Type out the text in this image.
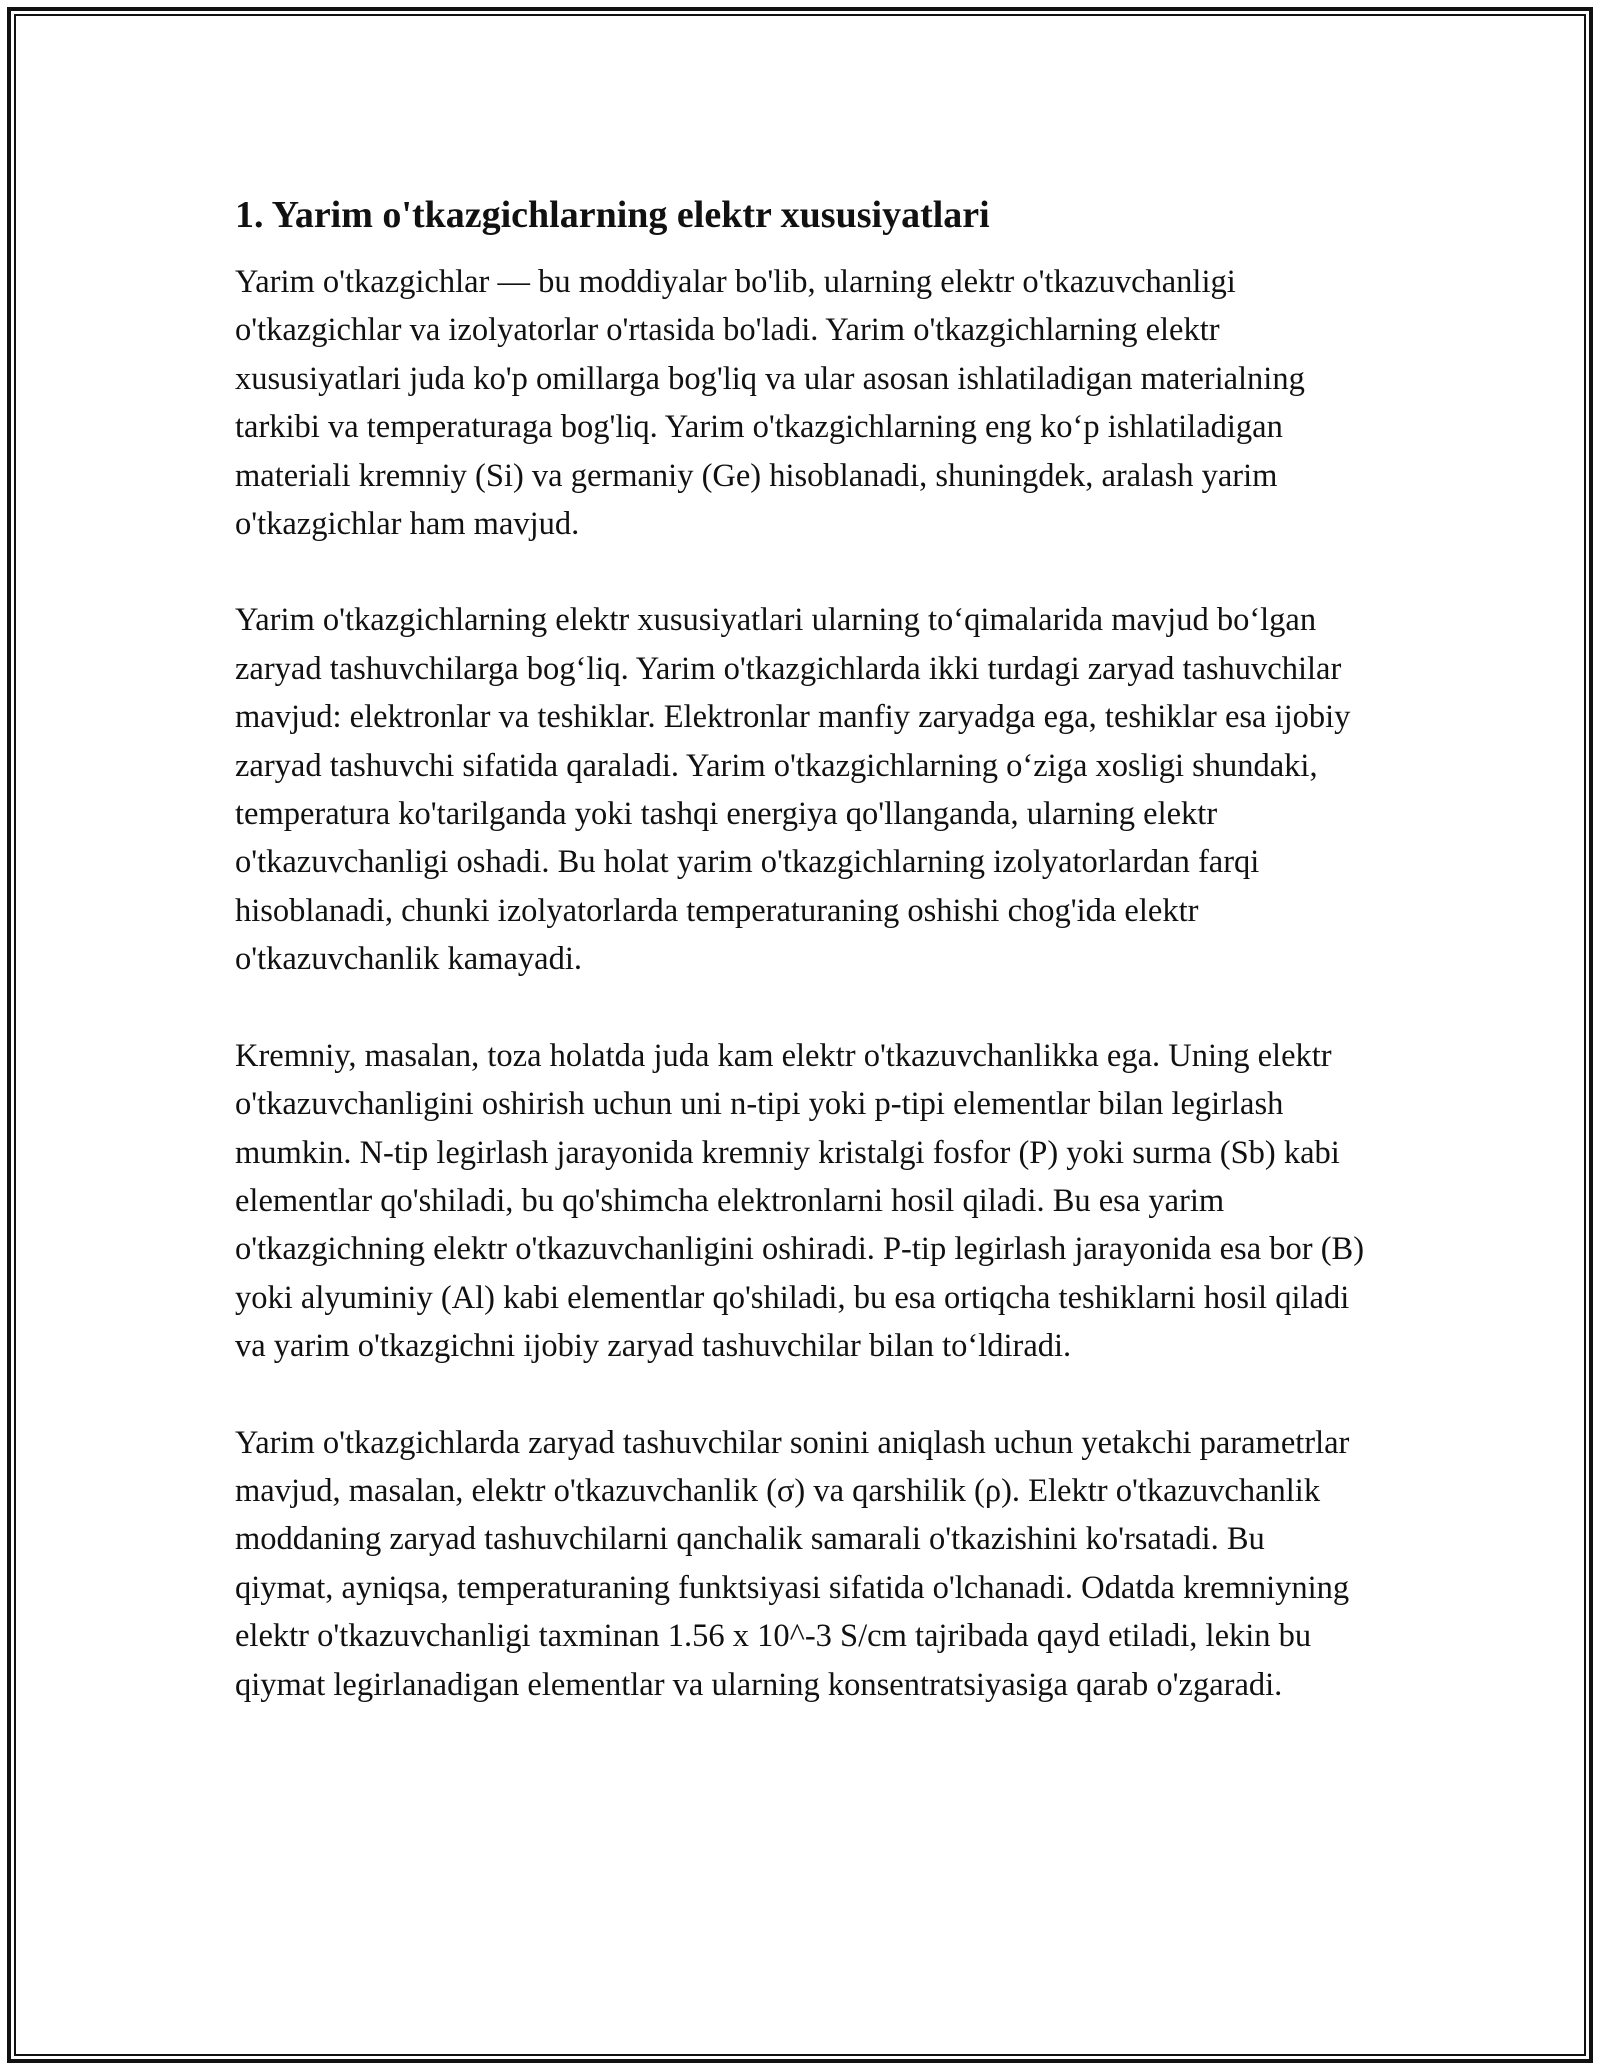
1. Yarim o'tkazgichlarning elektr xususiyatlari

Yarim o'tkazgichlar — bu moddiyalar bo'lib, ularning elektr o'tkazuvchanligi o'tkazgichlar va izolyatorlar o'rtasida bo'ladi. Yarim o'tkazgichlarning elektr xususiyatlari juda ko'p omillarga bog'liq va ular asosan ishlatiladigan materialning tarkibi va temperaturaga bog'liq. Yarim o'tkazgichlarning eng ko‘p ishlatiladigan materiali kremniy (Si) va germaniy (Ge) hisoblanadi, shuningdek, aralash yarim o'tkazgichlar ham mavjud.

Yarim o'tkazgichlarning elektr xususiyatlari ularning to‘qimalarida mavjud bo‘lgan zaryad tashuvchilarga bog‘liq. Yarim o'tkazgichlarda ikki turdagi zaryad tashuvchilar mavjud: elektronlar va teshiklar. Elektronlar manfiy zaryadga ega, teshiklar esa ijobiy zaryad tashuvchi sifatida qaraladi. Yarim o'tkazgichlarning o‘ziga xosligi shundaki, temperatura ko'tarilganda yoki tashqi energiya qo'llanganda, ularning elektr o'tkazuvchanligi oshadi. Bu holat yarim o'tkazgichlarning izolyatorlardan farqi hisoblanadi, chunki izolyatorlarda temperaturaning oshishi chog'ida elektr o'tkazuvchanlik kamayadi.

Kremniy, masalan, toza holatda juda kam elektr o'tkazuvchanlikka ega. Uning elektr o'tkazuvchanligini oshirish uchun uni n-tipi yoki p-tipi elementlar bilan legirlash mumkin. N-tip legirlash jarayonida kremniy kristalgi fosfor (P) yoki surma (Sb) kabi elementlar qo'shiladi, bu qo'shimcha elektronlarni hosil qiladi. Bu esa yarim o'tkazgichning elektr o'tkazuvchanligini oshiradi. P-tip legirlash jarayonida esa bor (B) yoki alyuminiy (Al) kabi elementlar qo'shiladi, bu esa ortiqcha teshiklarni hosil qiladi va yarim o'tkazgichni ijobiy zaryad tashuvchilar bilan to‘ldiradi.

Yarim o'tkazgichlarda zaryad tashuvchilar sonini aniqlash uchun yetakchi parametrlar mavjud, masalan, elektr o'tkazuvchanlik (σ) va qarshilik (ρ). Elektr o'tkazuvchanlik moddaning zaryad tashuvchilarni qanchalik samarali o'tkazishini ko'rsatadi. Bu qiymat, ayniqsa, temperaturaning funktsiyasi sifatida o'lchanadi. Odatda kremniyning elektr o'tkazuvchanligi taxminan 1.56 x 10^-3 S/cm tajribada qayd etiladi, lekin bu qiymat legirlanadigan elementlar va ularning konsentratsiyasiga qarab o'zgaradi.
